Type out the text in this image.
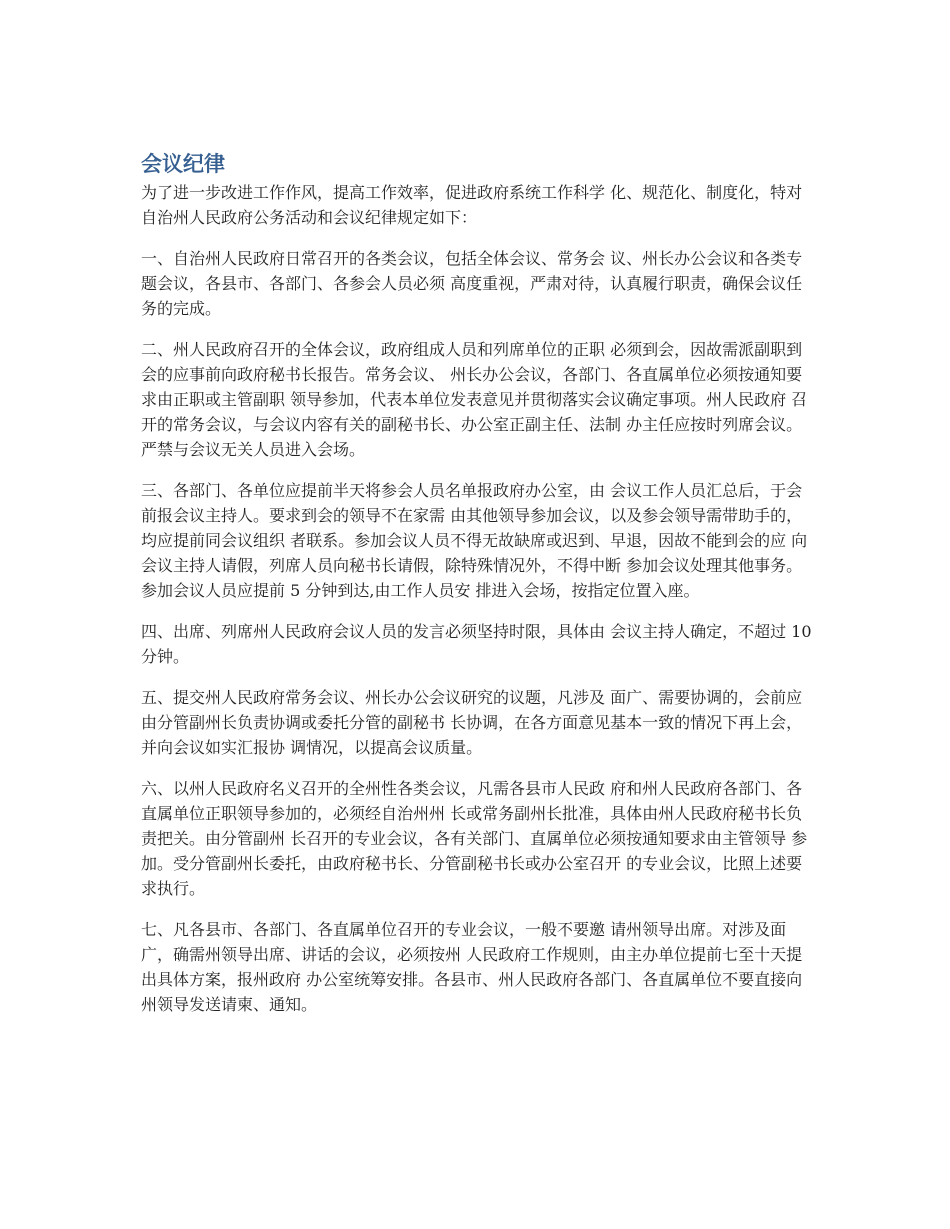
会议纪律

为了进一步改进工作作风，提高工作效率，促进政府系统工作科学 化、规范化、制度化，特对自治州人民政府公务活动和会议纪律规定如下：

一、自治州人民政府日常召开的各类会议，包括全体会议、常务会 议、州长办公会议和各类专题会议，各县市、各部门、各参会人员必须 高度重视，严肃对待，认真履行职责，确保会议任务的完成。

二、州人民政府召开的全体会议，政府组成人员和列席单位的正职 必须到会，因故需派副职到会的应事前向政府秘书长报告。常务会议、 州长办公会议，各部门、各直属单位必须按通知要求由正职或主管副职 领导参加，代表本单位发表意见并贯彻落实会议确定事项。州人民政府 召开的常务会议，与会议内容有关的副秘书长、办公室正副主任、法制 办主任应按时列席会议。严禁与会议无关人员进入会场。

三、各部门、各单位应提前半天将参会人员名单报政府办公室，由 会议工作人员汇总后，于会前报会议主持人。要求到会的领导不在家需 由其他领导参加会议，以及参会领导需带助手的，均应提前同会议组织 者联系。参加会议人员不得无故缺席或迟到、早退，因故不能到会的应 向会议主持人请假，列席人员向秘书长请假，除特殊情况外，不得中断 参加会议处理其他事务。参加会议人员应提前 5 分钟到达,由工作人员安 排进入会场，按指定位置入座。

四、出席、列席州人民政府会议人员的发言必须坚持时限，具体由 会议主持人确定，不超过 10 分钟。

五、提交州人民政府常务会议、州长办公会议研究的议题，凡涉及 面广、需要协调的，会前应由分管副州长负责协调或委托分管的副秘书 长协调，在各方面意见基本一致的情况下再上会，并向会议如实汇报协 调情况，以提高会议质量。

六、以州人民政府名义召开的全州性各类会议，凡需各县市人民政 府和州人民政府各部门、各直属单位正职领导参加的，必须经自治州州 长或常务副州长批准，具体由州人民政府秘书长负责把关。由分管副州 长召开的专业会议，各有关部门、直属单位必须按通知要求由主管领导 参加。受分管副州长委托，由政府秘书长、分管副秘书长或办公室召开 的专业会议，比照上述要求执行。

七、凡各县市、各部门、各直属单位召开的专业会议，一般不要邀 请州领导出席。对涉及面广，确需州领导出席、讲话的会议，必须按州 人民政府工作规则，由主办单位提前七至十天提出具体方案，报州政府 办公室统筹安排。各县市、州人民政府各部门、各直属单位不要直接向 州领导发送请柬、通知。
